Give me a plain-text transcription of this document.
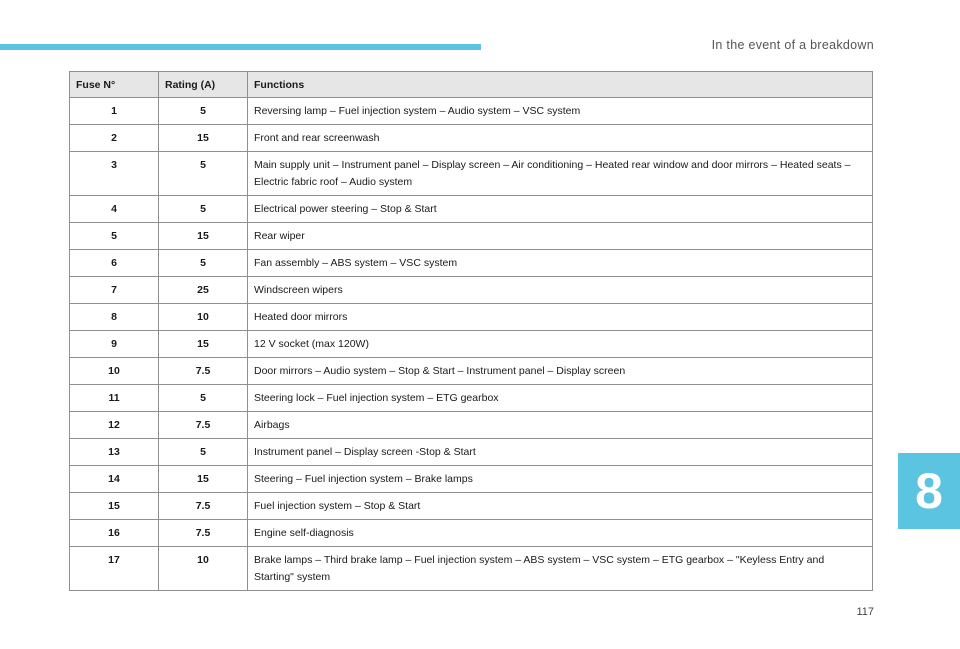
In the event of a breakdown
Fuse N°	Rating (A)	Functions
1	5	Reversing lamp – Fuel injection system – Audio system – VSC system
2	15	Front and rear screenwash
3	5	Main supply unit – Instrument panel – Display screen – Air conditioning – Heated rear window and door mirrors – Heated seats – Electric fabric roof – Audio system
4	5	Electrical power steering – Stop & Start
5	15	Rear wiper
6	5	Fan assembly – ABS system – VSC system
7	25	Windscreen wipers
8	10	Heated door mirrors
9	15	12 V socket (max 120W)
10	7.5	Door mirrors – Audio system – Stop & Start – Instrument panel – Display screen
11	5	Steering lock – Fuel injection system – ETG gearbox
12	7.5	Airbags
13	5	Instrument panel – Display screen -Stop & Start
14	15	Steering – Fuel injection system – Brake lamps
15	7.5	Fuel injection system – Stop & Start
16	7.5	Engine self-diagnosis
17	10	Brake lamps – Third brake lamp – Fuel injection system – ABS system – VSC system – ETG gearbox – "Keyless Entry and Starting" system
8
117
